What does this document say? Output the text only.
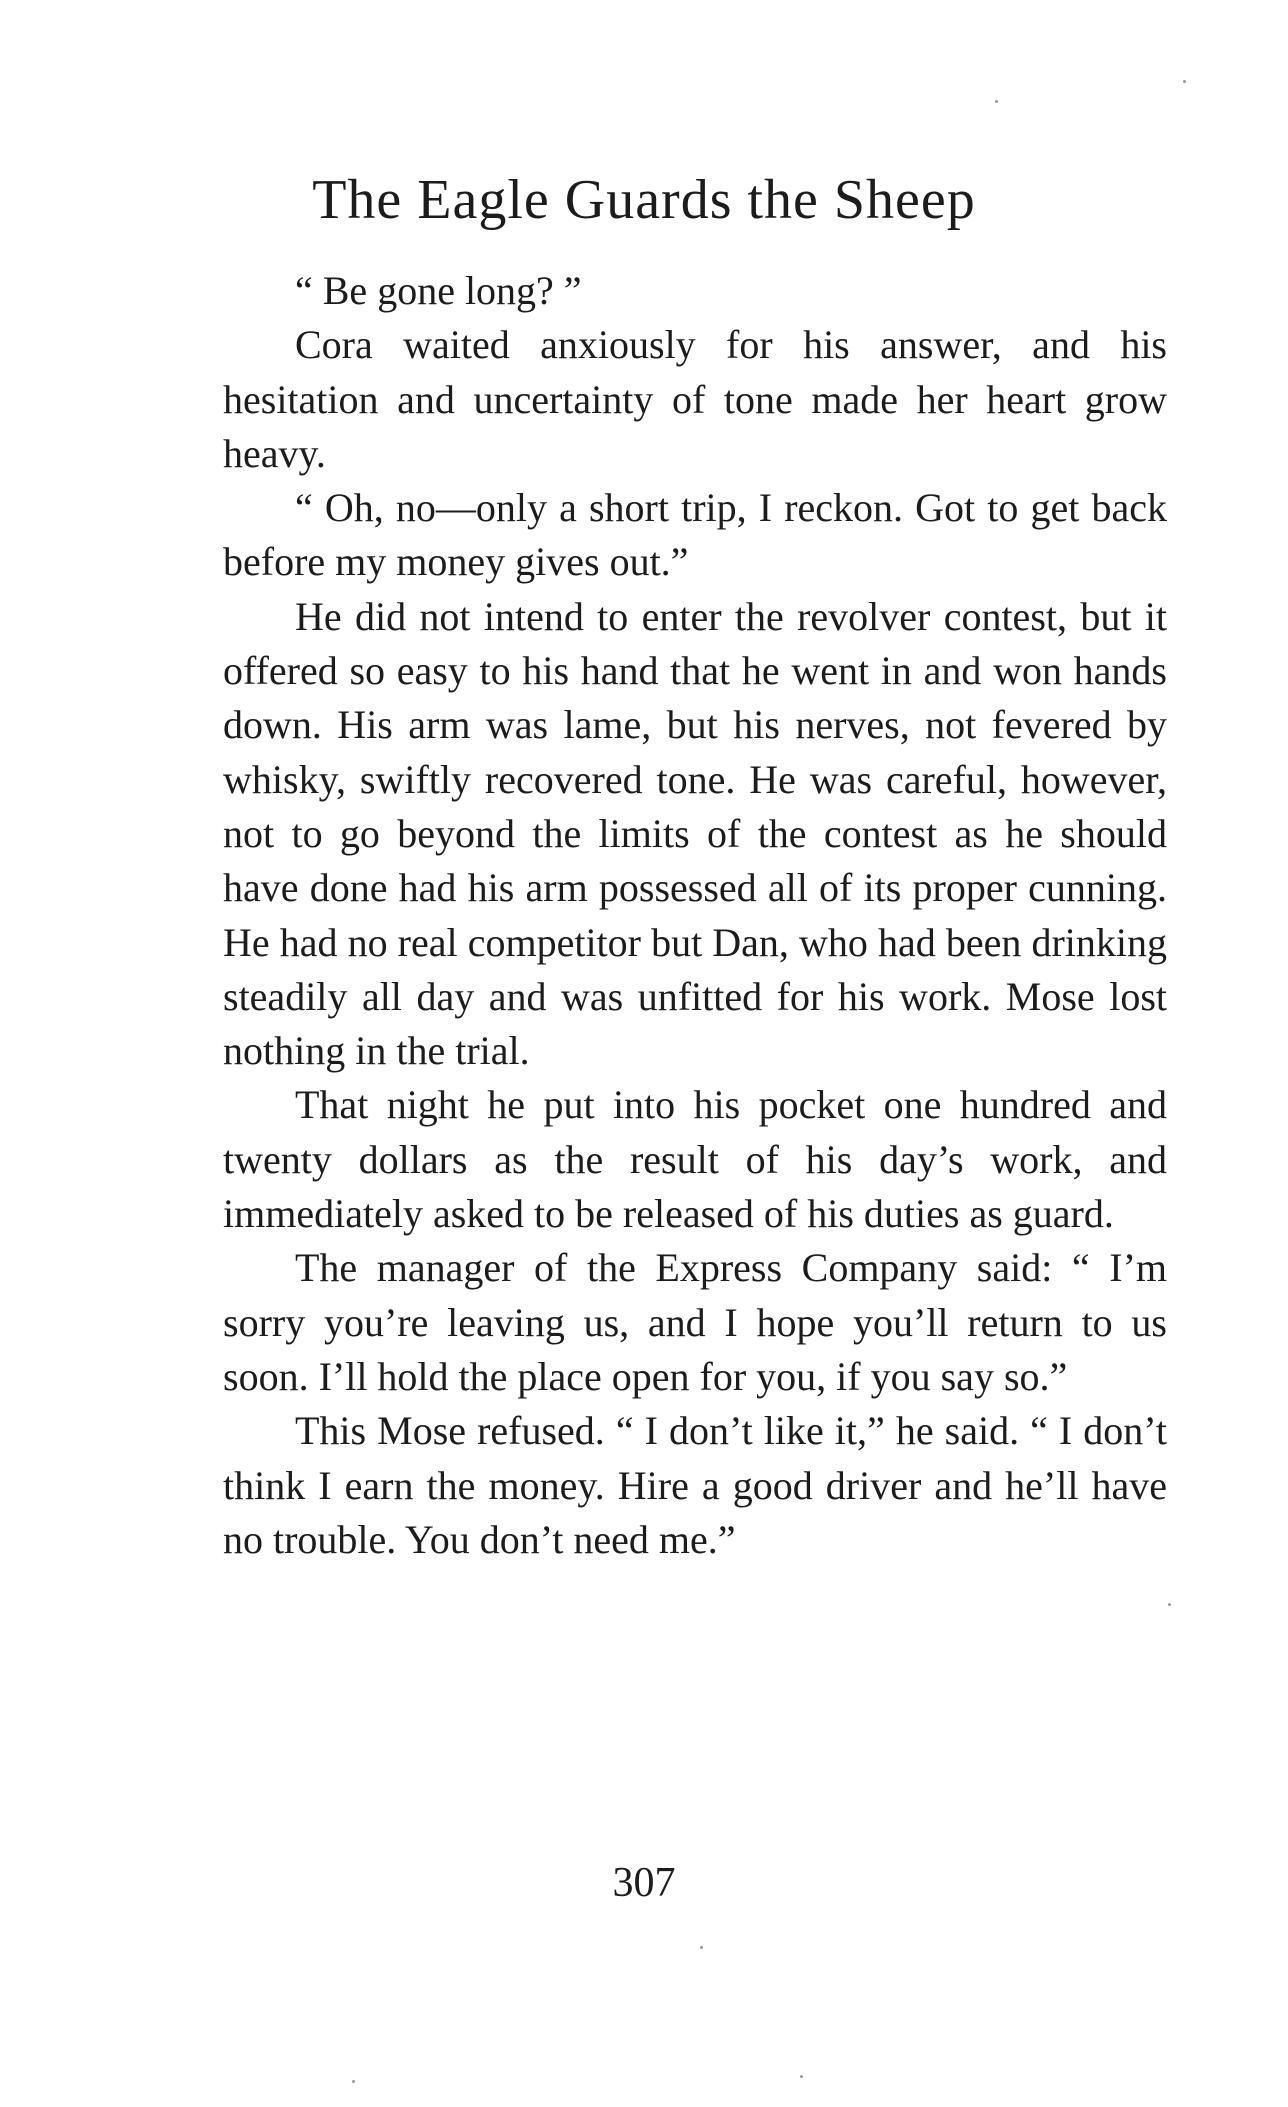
The Eagle Guards the Sheep

“ Be gone long? ”

Cora waited anxiously for his answer, and his hesitation and uncertainty of tone made her heart grow heavy.

“ Oh, no—only a short trip, I reckon. Got to get back before my money gives out.”

He did not intend to enter the revolver contest, but it offered so easy to his hand that he went in and won hands down. His arm was lame, but his nerves, not fevered by whisky, swiftly recovered tone. He was careful, however, not to go beyond the limits of the contest as he should have done had his arm possessed all of its proper cunning. He had no real competitor but Dan, who had been drinking steadily all day and was unfitted for his work. Mose lost nothing in the trial.

That night he put into his pocket one hundred and twenty dollars as the result of his day’s work, and immediately asked to be released of his duties as guard.

The manager of the Express Company said: “ I’m sorry you’re leaving us, and I hope you’ll return to us soon. I’ll hold the place open for you, if you say so.”

This Mose refused. “ I don’t like it,” he said. “ I don’t think I earn the money. Hire a good driver and he’ll have no trouble. You don’t need me.”

307
